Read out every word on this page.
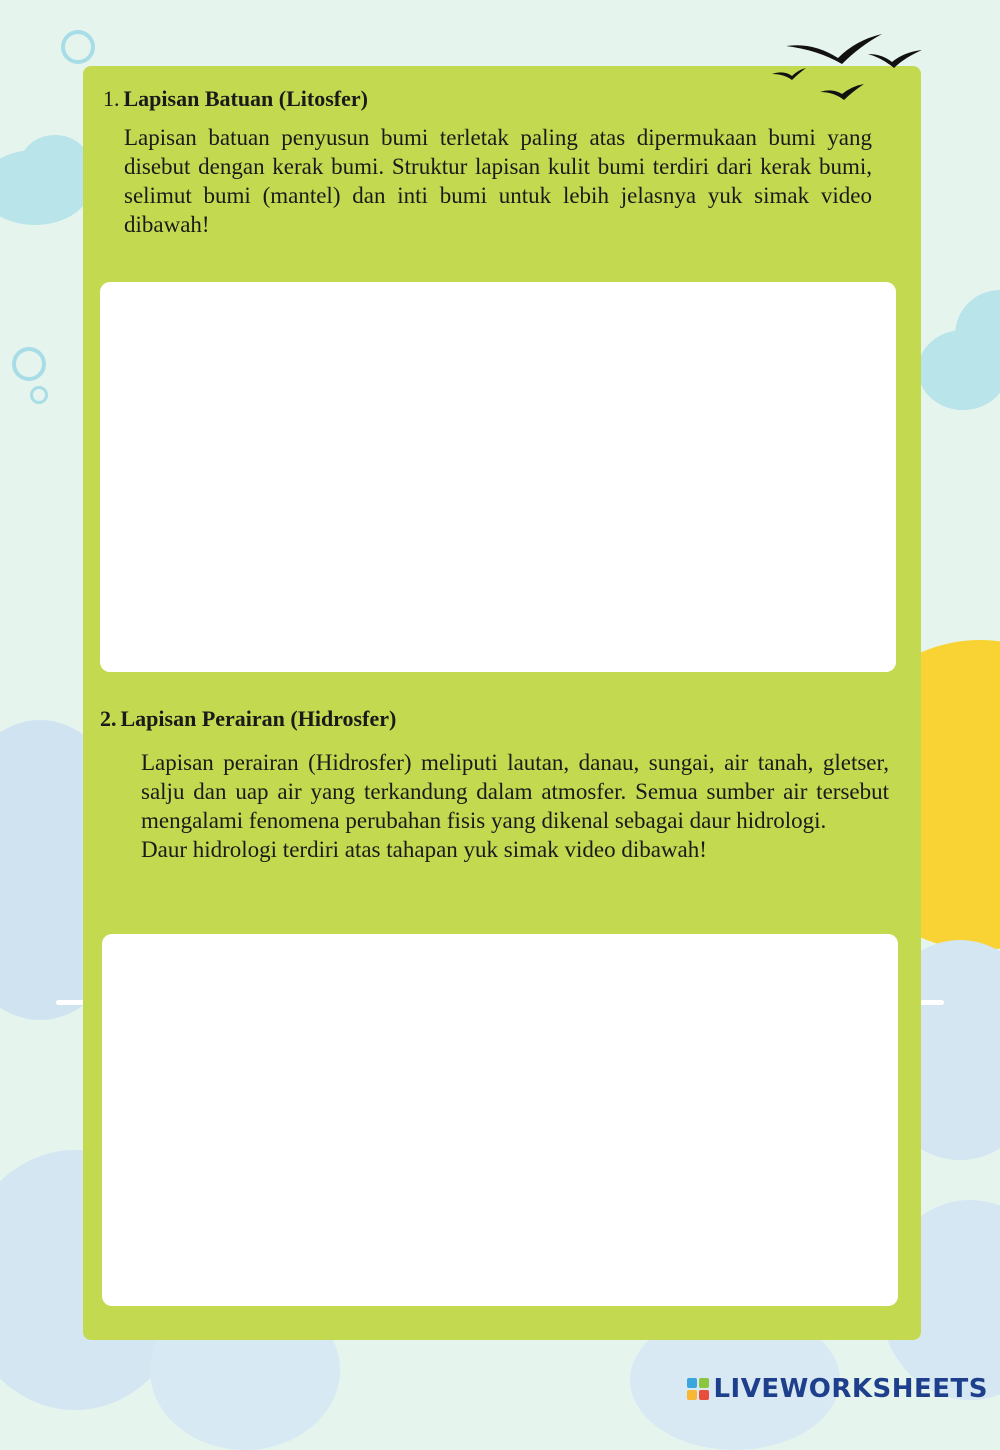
1. Lapisan Batuan (Litosfer)

Lapisan batuan penyusun bumi terletak paling atas dipermukaan bumi yang disebut dengan kerak bumi. Struktur lapisan kulit bumi terdiri dari kerak bumi, selimut bumi (mantel) dan inti bumi untuk lebih jelasnya yuk simak video dibawah!

2. Lapisan Perairan (Hidrosfer)

Lapisan perairan (Hidrosfer) meliputi lautan, danau, sungai, air tanah, gletser, salju dan uap air yang terkandung dalam atmosfer. Semua sumber air tersebut mengalami fenomena perubahan fisis yang dikenal sebagai daur hidrologi.

Daur hidrologi terdiri atas tahapan yuk simak video dibawah!

LIVEWORKSHEETS
